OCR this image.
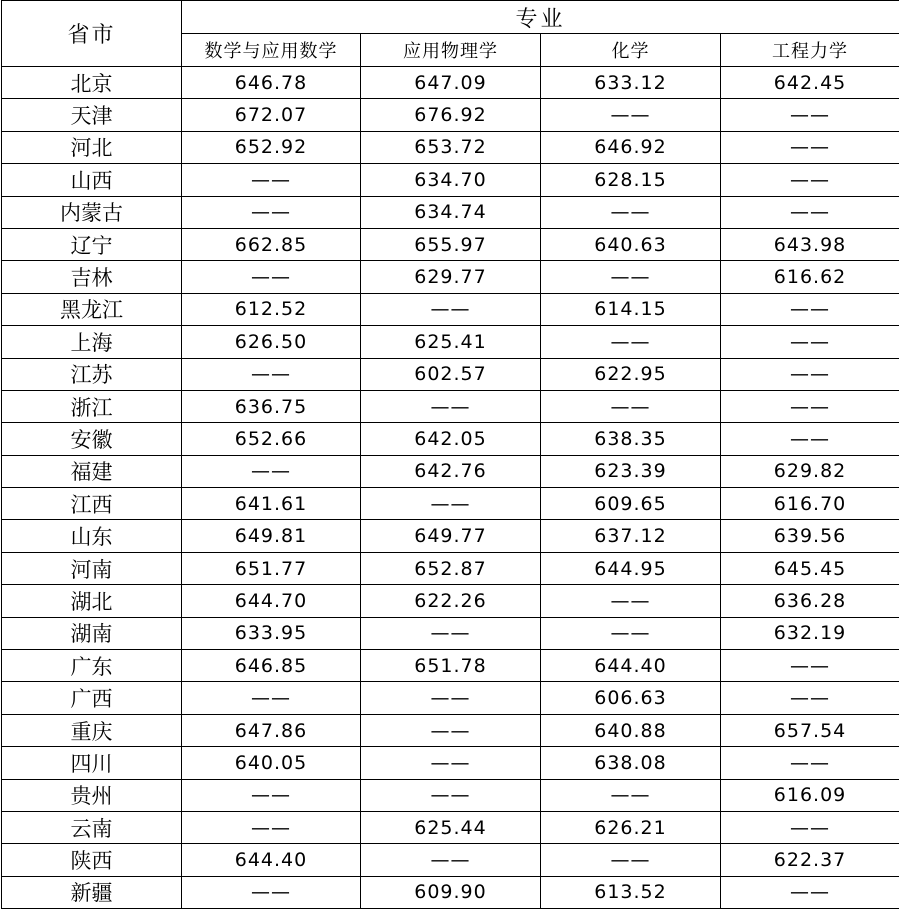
省市	专业			
	数学与应用数学	应用物理学	化学	工程力学
北京	646.78	647.09	633.12	642.45
天津	672.07	676.92	——	——
河北	652.92	653.72	646.92	——
山西	——	634.70	628.15	——
内蒙古	——	634.74	——	——
辽宁	662.85	655.97	640.63	643.98
吉林	——	629.77	——	616.62
黑龙江	612.52	——	614.15	——
上海	626.50	625.41	——	——
江苏	——	602.57	622.95	——
浙江	636.75	——	——	——
安徽	652.66	642.05	638.35	——
福建	——	642.76	623.39	629.82
江西	641.61	——	609.65	616.70
山东	649.81	649.77	637.12	639.56
河南	651.77	652.87	644.95	645.45
湖北	644.70	622.26	——	636.28
湖南	633.95	——	——	632.19
广东	646.85	651.78	644.40	——
广西	——	——	606.63	——
重庆	647.86	——	640.88	657.54
四川	640.05	——	638.08	——
贵州	——	——	——	616.09
云南	——	625.44	626.21	——
陕西	644.40	——	——	622.37
新疆	——	609.90	613.52	——
